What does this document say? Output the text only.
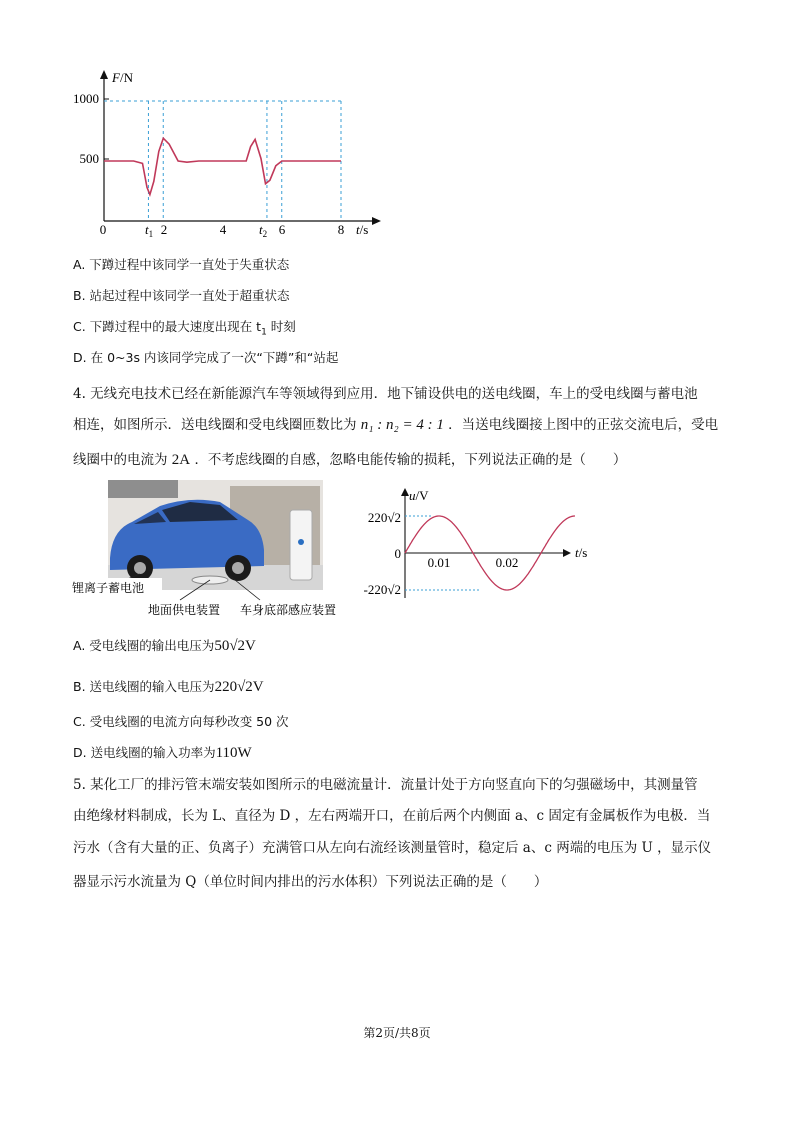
1000
500
F/N
0	$t_1$ 2	4	$t_2$ 6	8 t/s
A. 下蹲过程中该同学一直处于失重状态
B. 站起过程中该同学一直处于超重状态
C. 下蹲过程中的最大速度出现在 $t_1$ 时刻
D. 在 0~3s 内该同学完成了一次“下蹲”和“站起
4. 无线充电技术已经在新能源汽车等领域得到应用．地下铺设供电的送电线圈，车上的受电线圈与蓄电池
相连，如图所示．送电线圈和受电线圈匝数比为 n₁ : n₂ = 4 : 1 ．当送电线圈接上图中的正弦交流电后，受电
线圈中的电流为 2A ．不考虑线圈的自感，忽略电能传输的损耗，下列说法正确的是（　　）
锂离子蓄电池
地面供电装置 车身底部感应装置
u/V
t/s
220√2
0
-220√2
0.01	0.02
A. 受电线圈的输出电压为50√2V
B. 送电线圈的输入电压为220√2V
C. 受电线圈的电流方向每秒改变 50 次
D. 送电线圈的输入功率为110W
5. 某化工厂的排污管末端安装如图所示的电磁流量计．流量计处于方向竖直向下的匀强磁场中，其测量管
由绝缘材料制成，长为 L、直径为 D ，左右两端开口，在前后两个内侧面 a、c 固定有金属板作为电极．当
污水（含有大量的正、负离子）充满管口从左向右流经该测量管时，稳定后 a、c 两端的电压为 U ，显示仪
器显示污水流量为 Q（单位时间内排出的污水体积）下列说法正确的是（　　）
第2页/共8页
